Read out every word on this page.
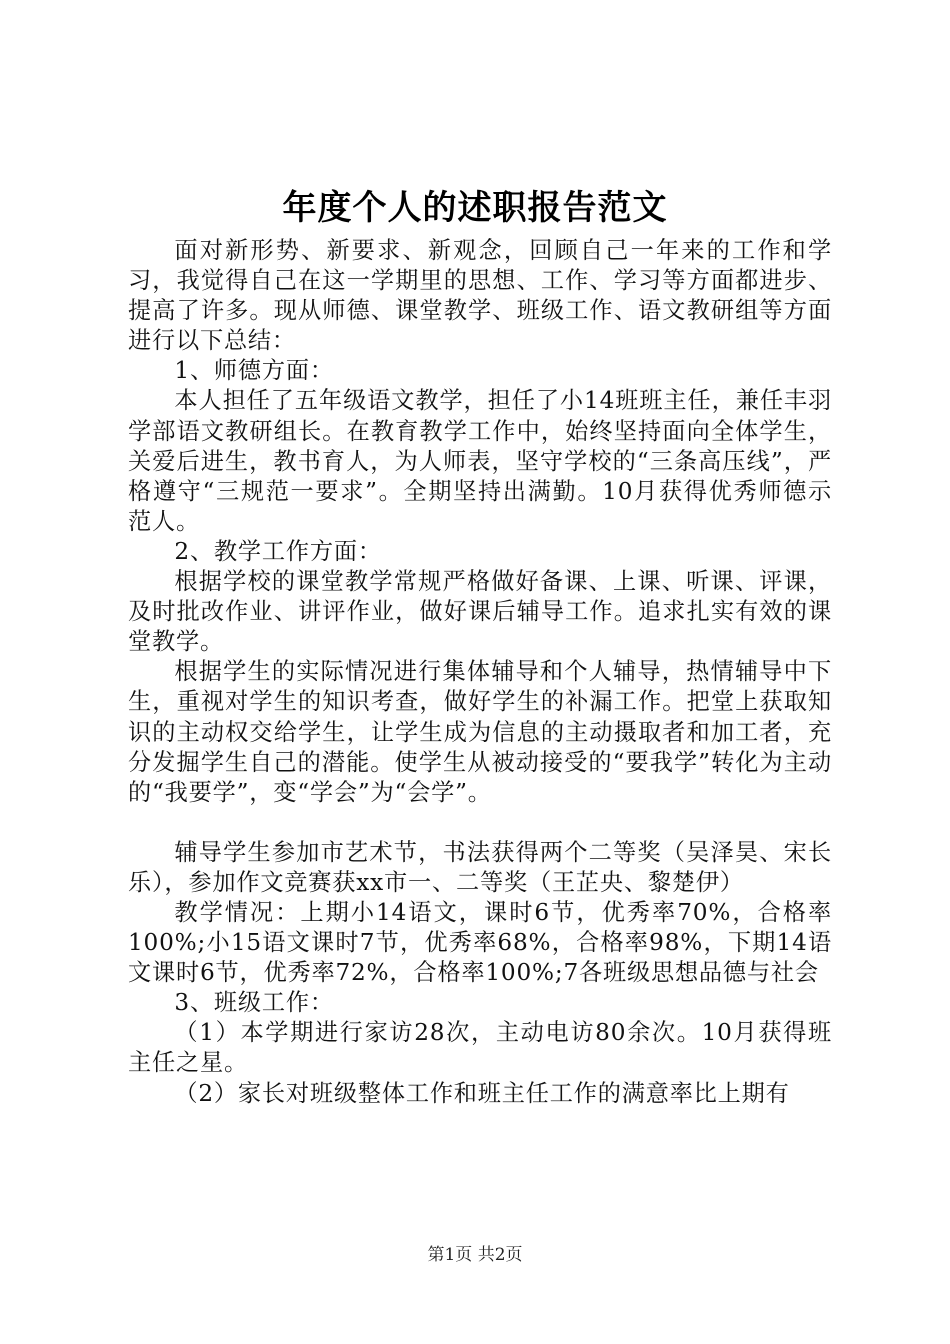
年度个人的述职报告范文

面对新形势、新要求、新观念，回顾自己一年来的工作和学习，我觉得自己在这一学期里的思想、工作、学习等方面都进步、提高了许多。现从师德、课堂教学、班级工作、语文教研组等方面进行以下总结：

1、师德方面：

本人担任了五年级语文教学，担任了小14班班主任，兼任丰羽学部语文教研组长。在教育教学工作中，始终坚持面向全体学生，关爱后进生，教书育人，为人师表，坚守学校的“三条高压线”，严格遵守“三规范一要求”。全期坚持出满勤。10月获得优秀师德示范人。

2、教学工作方面：

根据学校的课堂教学常规严格做好备课、上课、听课、评课，及时批改作业、讲评作业，做好课后辅导工作。追求扎实有效的课堂教学。

根据学生的实际情况进行集体辅导和个人辅导，热情辅导中下生，重视对学生的知识考查，做好学生的补漏工作。把堂上获取知识的主动权交给学生，让学生成为信息的主动摄取者和加工者，充分发掘学生自己的潜能。使学生从被动接受的“要我学”转化为主动的“我要学”，变“学会”为“会学”。

辅导学生参加市艺术节，书法获得两个二等奖（吴泽昊、宋长乐），参加作文竞赛获xx市一、二等奖（王芷央、黎楚伊）

教学情况：上期小14语文，课时6节，优秀率70%，合格率100%;小15语文课时7节，优秀率68%，合格率98%，下期14语文课时6节，优秀率72%，合格率100%;7各班级思想品德与社会

3、班级工作：

（1）本学期进行家访28次，主动电访80余次。10月获得班主任之星。

（2）家长对班级整体工作和班主任工作的满意率比上期有

第1页 共2页
